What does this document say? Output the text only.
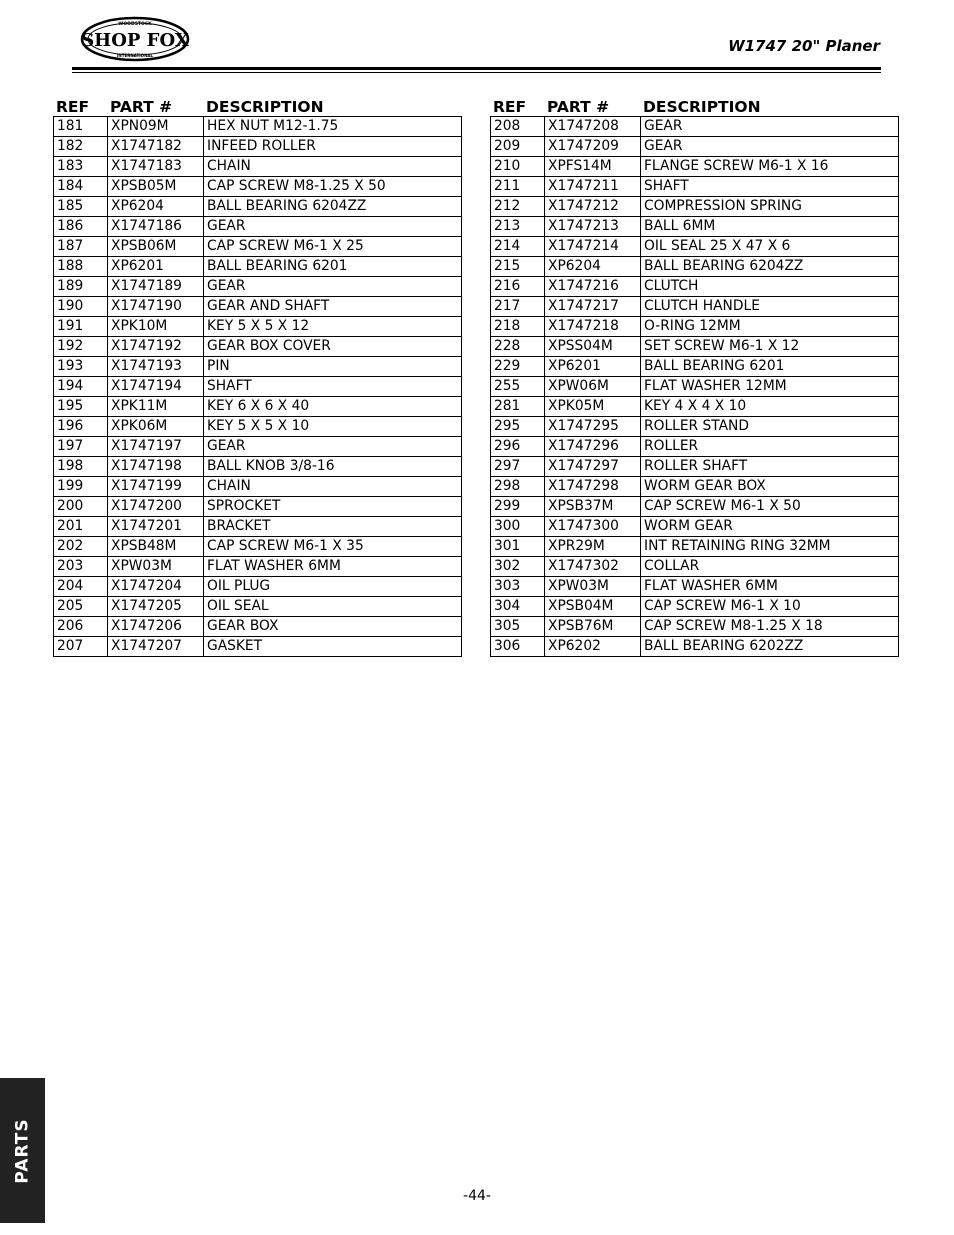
WOODSTOCK
SHOP FOX
INTERNATIONAL
W1747 20" Planer
REF	PART #	DESCRIPTION
181	XPN09M	HEX NUT M12-1.75
182	X1747182	INFEED ROLLER
183	X1747183	CHAIN
184	XPSB05M	CAP SCREW M8-1.25 X 50
185	XP6204	BALL BEARING 6204ZZ
186	X1747186	GEAR
187	XPSB06M	CAP SCREW M6-1 X 25
188	XP6201	BALL BEARING 6201
189	X1747189	GEAR
190	X1747190	GEAR AND SHAFT
191	XPK10M	KEY 5 X 5 X 12
192	X1747192	GEAR BOX COVER
193	X1747193	PIN
194	X1747194	SHAFT
195	XPK11M	KEY 6 X 6 X 40
196	XPK06M	KEY 5 X 5 X 10
197	X1747197	GEAR
198	X1747198	BALL KNOB 3/8-16
199	X1747199	CHAIN
200	X1747200	SPROCKET
201	X1747201	BRACKET
202	XPSB48M	CAP SCREW M6-1 X 35
203	XPW03M	FLAT WASHER 6MM
204	X1747204	OIL PLUG
205	X1747205	OIL SEAL
206	X1747206	GEAR BOX
207	X1747207	GASKET
REF	PART #	DESCRIPTION
208	X1747208	GEAR
209	X1747209	GEAR
210	XPFS14M	FLANGE SCREW M6-1 X 16
211	X1747211	SHAFT
212	X1747212	COMPRESSION SPRING
213	X1747213	BALL 6MM
214	X1747214	OIL SEAL 25 X 47 X 6
215	XP6204	BALL BEARING 6204ZZ
216	X1747216	CLUTCH
217	X1747217	CLUTCH HANDLE
218	X1747218	O-RING 12MM
228	XPSS04M	SET SCREW M6-1 X 12
229	XP6201	BALL BEARING 6201
255	XPW06M	FLAT WASHER 12MM
281	XPK05M	KEY 4 X 4 X 10
295	X1747295	ROLLER STAND
296	X1747296	ROLLER
297	X1747297	ROLLER SHAFT
298	X1747298	WORM GEAR BOX
299	XPSB37M	CAP SCREW M6-1 X 50
300	X1747300	WORM GEAR
301	XPR29M	INT RETAINING RING 32MM
302	X1747302	COLLAR
303	XPW03M	FLAT WASHER 6MM
304	XPSB04M	CAP SCREW M6-1 X 10
305	XPSB76M	CAP SCREW M8-1.25 X 18
306	XP6202	BALL BEARING 6202ZZ
PARTS
-44-
